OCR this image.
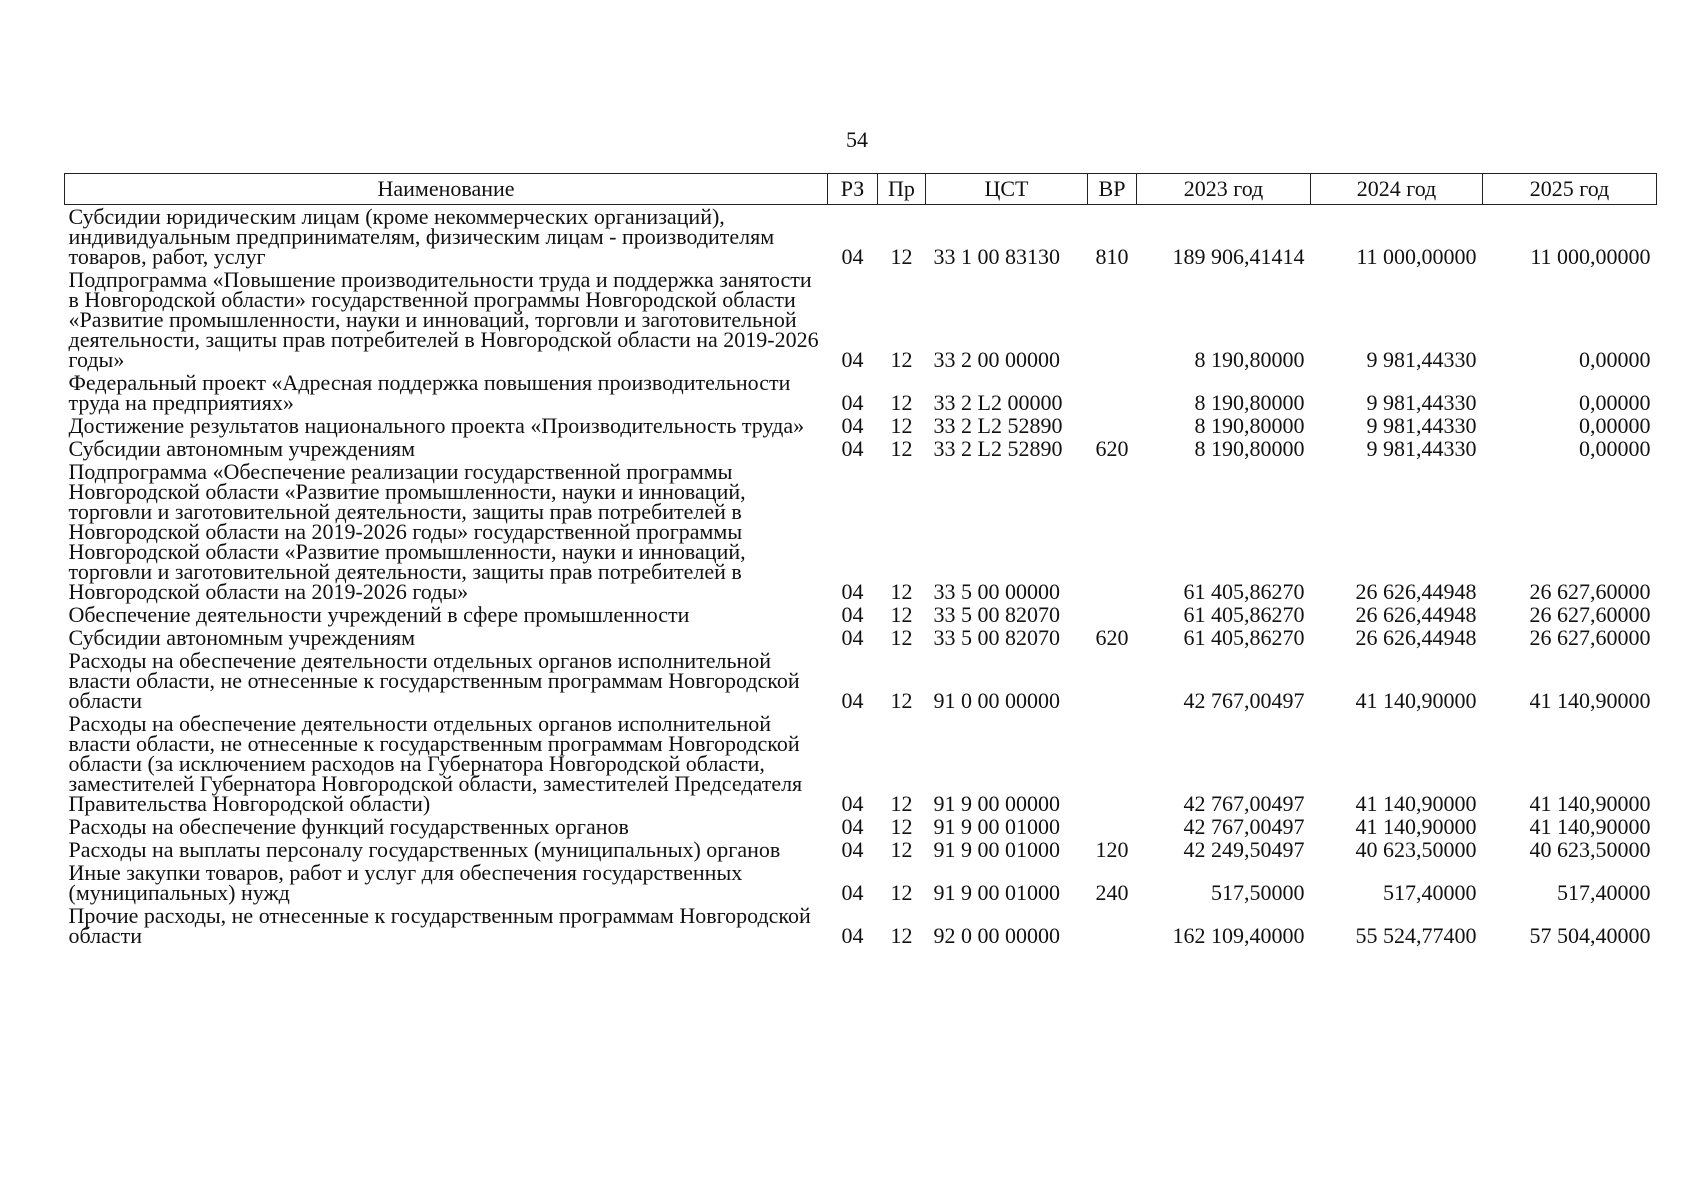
54
Наименование	РЗ	Пр	ЦСТ	ВР	2023 год	2024 год	2025 год
Субсидии юридическим лицам (кроме некоммерческих организаций), индивидуальным предпринимателям, физическим лицам - производителям товаров, работ, услуг	04	12	33 1 00 83130	810	189 906,41414	11 000,00000	11 000,00000
Подпрограмма «Повышение производительности труда и поддержка занятости в Новгородской области» государственной программы Новгородской области «Развитие промышленности, науки и инноваций, торговли и заготовительной деятельности, защиты прав потребителей в Новгородской области на 2019-2026 годы»	04	12	33 2 00 00000		8 190,80000	9 981,44330	0,00000
Федеральный проект «Адресная поддержка повышения производительности труда на предприятиях»	04	12	33 2 L2 00000		8 190,80000	9 981,44330	0,00000
Достижение результатов национального проекта «Производительность труда»	04	12	33 2 L2 52890		8 190,80000	9 981,44330	0,00000
Субсидии автономным учреждениям	04	12	33 2 L2 52890	620	8 190,80000	9 981,44330	0,00000
Подпрограмма «Обеспечение реализации государственной программы Новгородской области «Развитие промышленности, науки и инноваций, торговли и заготовительной деятельности, защиты прав потребителей в Новгородской области на 2019-2026 годы» государственной программы Новгородской области «Развитие промышленности, науки и инноваций, торговли и заготовительной деятельности, защиты прав потребителей в Новгородской области на 2019-2026 годы»	04	12	33 5 00 00000		61 405,86270	26 626,44948	26 627,60000
Обеспечение деятельности учреждений в сфере промышленности	04	12	33 5 00 82070		61 405,86270	26 626,44948	26 627,60000
Субсидии автономным учреждениям	04	12	33 5 00 82070	620	61 405,86270	26 626,44948	26 627,60000
Расходы на обеспечение деятельности отдельных органов исполнительной власти области, не отнесенные к государственным программам Новгородской области	04	12	91 0 00 00000		42 767,00497	41 140,90000	41 140,90000
Расходы на обеспечение деятельности отдельных органов исполнительной власти области, не отнесенные к государственным программам Новгородской области (за исключением расходов на Губернатора Новгородской области, заместителей Губернатора Новгородской области, заместителей Председателя Правительства Новгородской области)	04	12	91 9 00 00000		42 767,00497	41 140,90000	41 140,90000
Расходы на обеспечение функций государственных органов	04	12	91 9 00 01000		42 767,00497	41 140,90000	41 140,90000
Расходы на выплаты персоналу государственных (муниципальных) органов	04	12	91 9 00 01000	120	42 249,50497	40 623,50000	40 623,50000
Иные закупки товаров, работ и услуг для обеспечения государственных (муниципальных) нужд	04	12	91 9 00 01000	240	517,50000	517,40000	517,40000
Прочие расходы, не отнесенные к государственным программам Новгородской области	04	12	92 0 00 00000		162 109,40000	55 524,77400	57 504,40000
